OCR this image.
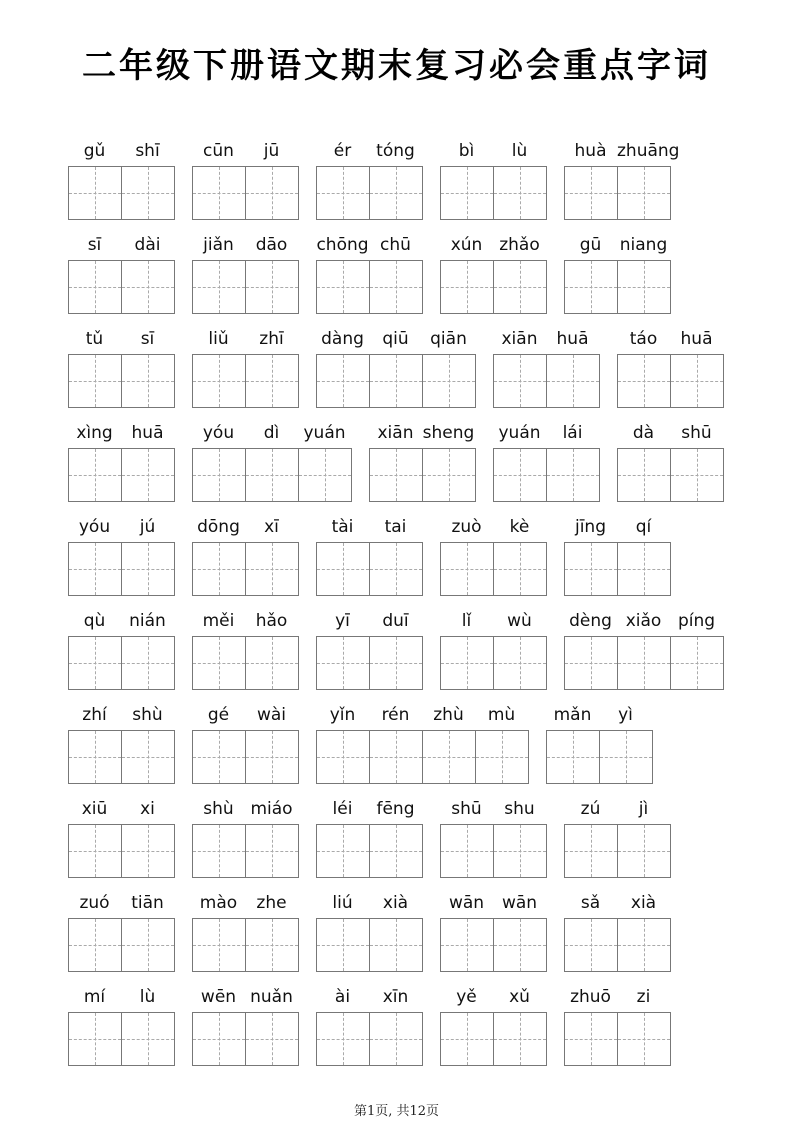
二年级下册语文期末复习必会重点字词
gǔ	shī	cūn	jū	ér	tóng	bì	lù	huà zhuāng
sī	dài	jiǎn	dāo	chōng chū	xún zhǎo	gū	niang
tǔ	sī	liǔ	zhī	dàng	qiū	qiān	xiān	huā	táo	huā
xìng	huā	yóu	dì	yuán	xiān sheng	yuán	lái	dà	shū
yóu	jú	dōng	xī	tài	tai	zuò	kè	jīng	qí
qù	nián	měi	hǎo	yī	duī	lǐ	wù	dèng xiǎo píng
zhí	shù	gé	wài	yǐn	rén	zhù	mù	mǎn	yì
xiū	xi	shù miáo	léi	fēng	shū	shu	zú	jì
zuó	tiān	mào	zhe	liú	xià	wān	wān	sǎ	xià
mí	lù	wēn nuǎn	ài	xīn	yě	xǔ	zhuō	zi
第1页, 共12页
